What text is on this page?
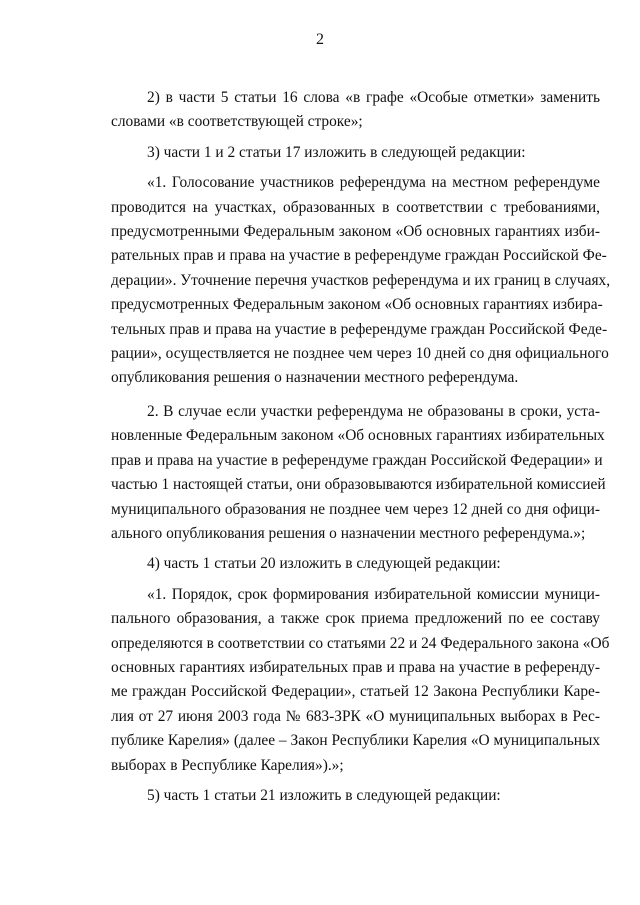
2

2) в части 5 статьи 16 слова «в графе «Особые отметки» заменить
словами «в соответствующей строке»;

3) части 1 и 2 статьи 17 изложить в следующей редакции:

«1. Голосование участников референдума на местном референдуме
проводится на участках, образованных в соответствии с требованиями,
предусмотренными Федеральным законом «Об основных гарантиях изби-
рательных прав и права на участие в референдуме граждан Российской Фе-
дерации». Уточнение перечня участков референдума и их границ в случаях,
предусмотренных Федеральным законом «Об основных гарантиях избира-
тельных прав и права на участие в референдуме граждан Российской Феде-
рации», осуществляется не позднее чем через 10 дней со дня официального
опубликования решения о назначении местного референдума.

2. В случае если участки референдума не образованы в сроки, уста-
новленные Федеральным законом «Об основных гарантиях избирательных
прав и права на участие в референдуме граждан Российской Федерации» и
частью 1 настоящей статьи, они образовываются избирательной комиссией
муниципального образования не позднее чем через 12 дней со дня офици-
ального опубликования решения о назначении местного референдума.»;

4) часть 1 статьи 20 изложить в следующей редакции:

«1. Порядок, срок формирования избирательной комиссии муници-
пального образования, а также срок приема предложений по ее составу
определяются в соответствии со статьями 22 и 24 Федерального закона «Об
основных гарантиях избирательных прав и права на участие в референду-
ме граждан Российской Федерации», статьей 12 Закона Республики Каре-
лия от 27 июня 2003 года № 683-ЗРК «О муниципальных выборах в Рес-
публике Карелия» (далее – Закон Республики Карелия «О муниципальных
выборах в Республике Карелия»).»;

5) часть 1 статьи 21 изложить в следующей редакции:
